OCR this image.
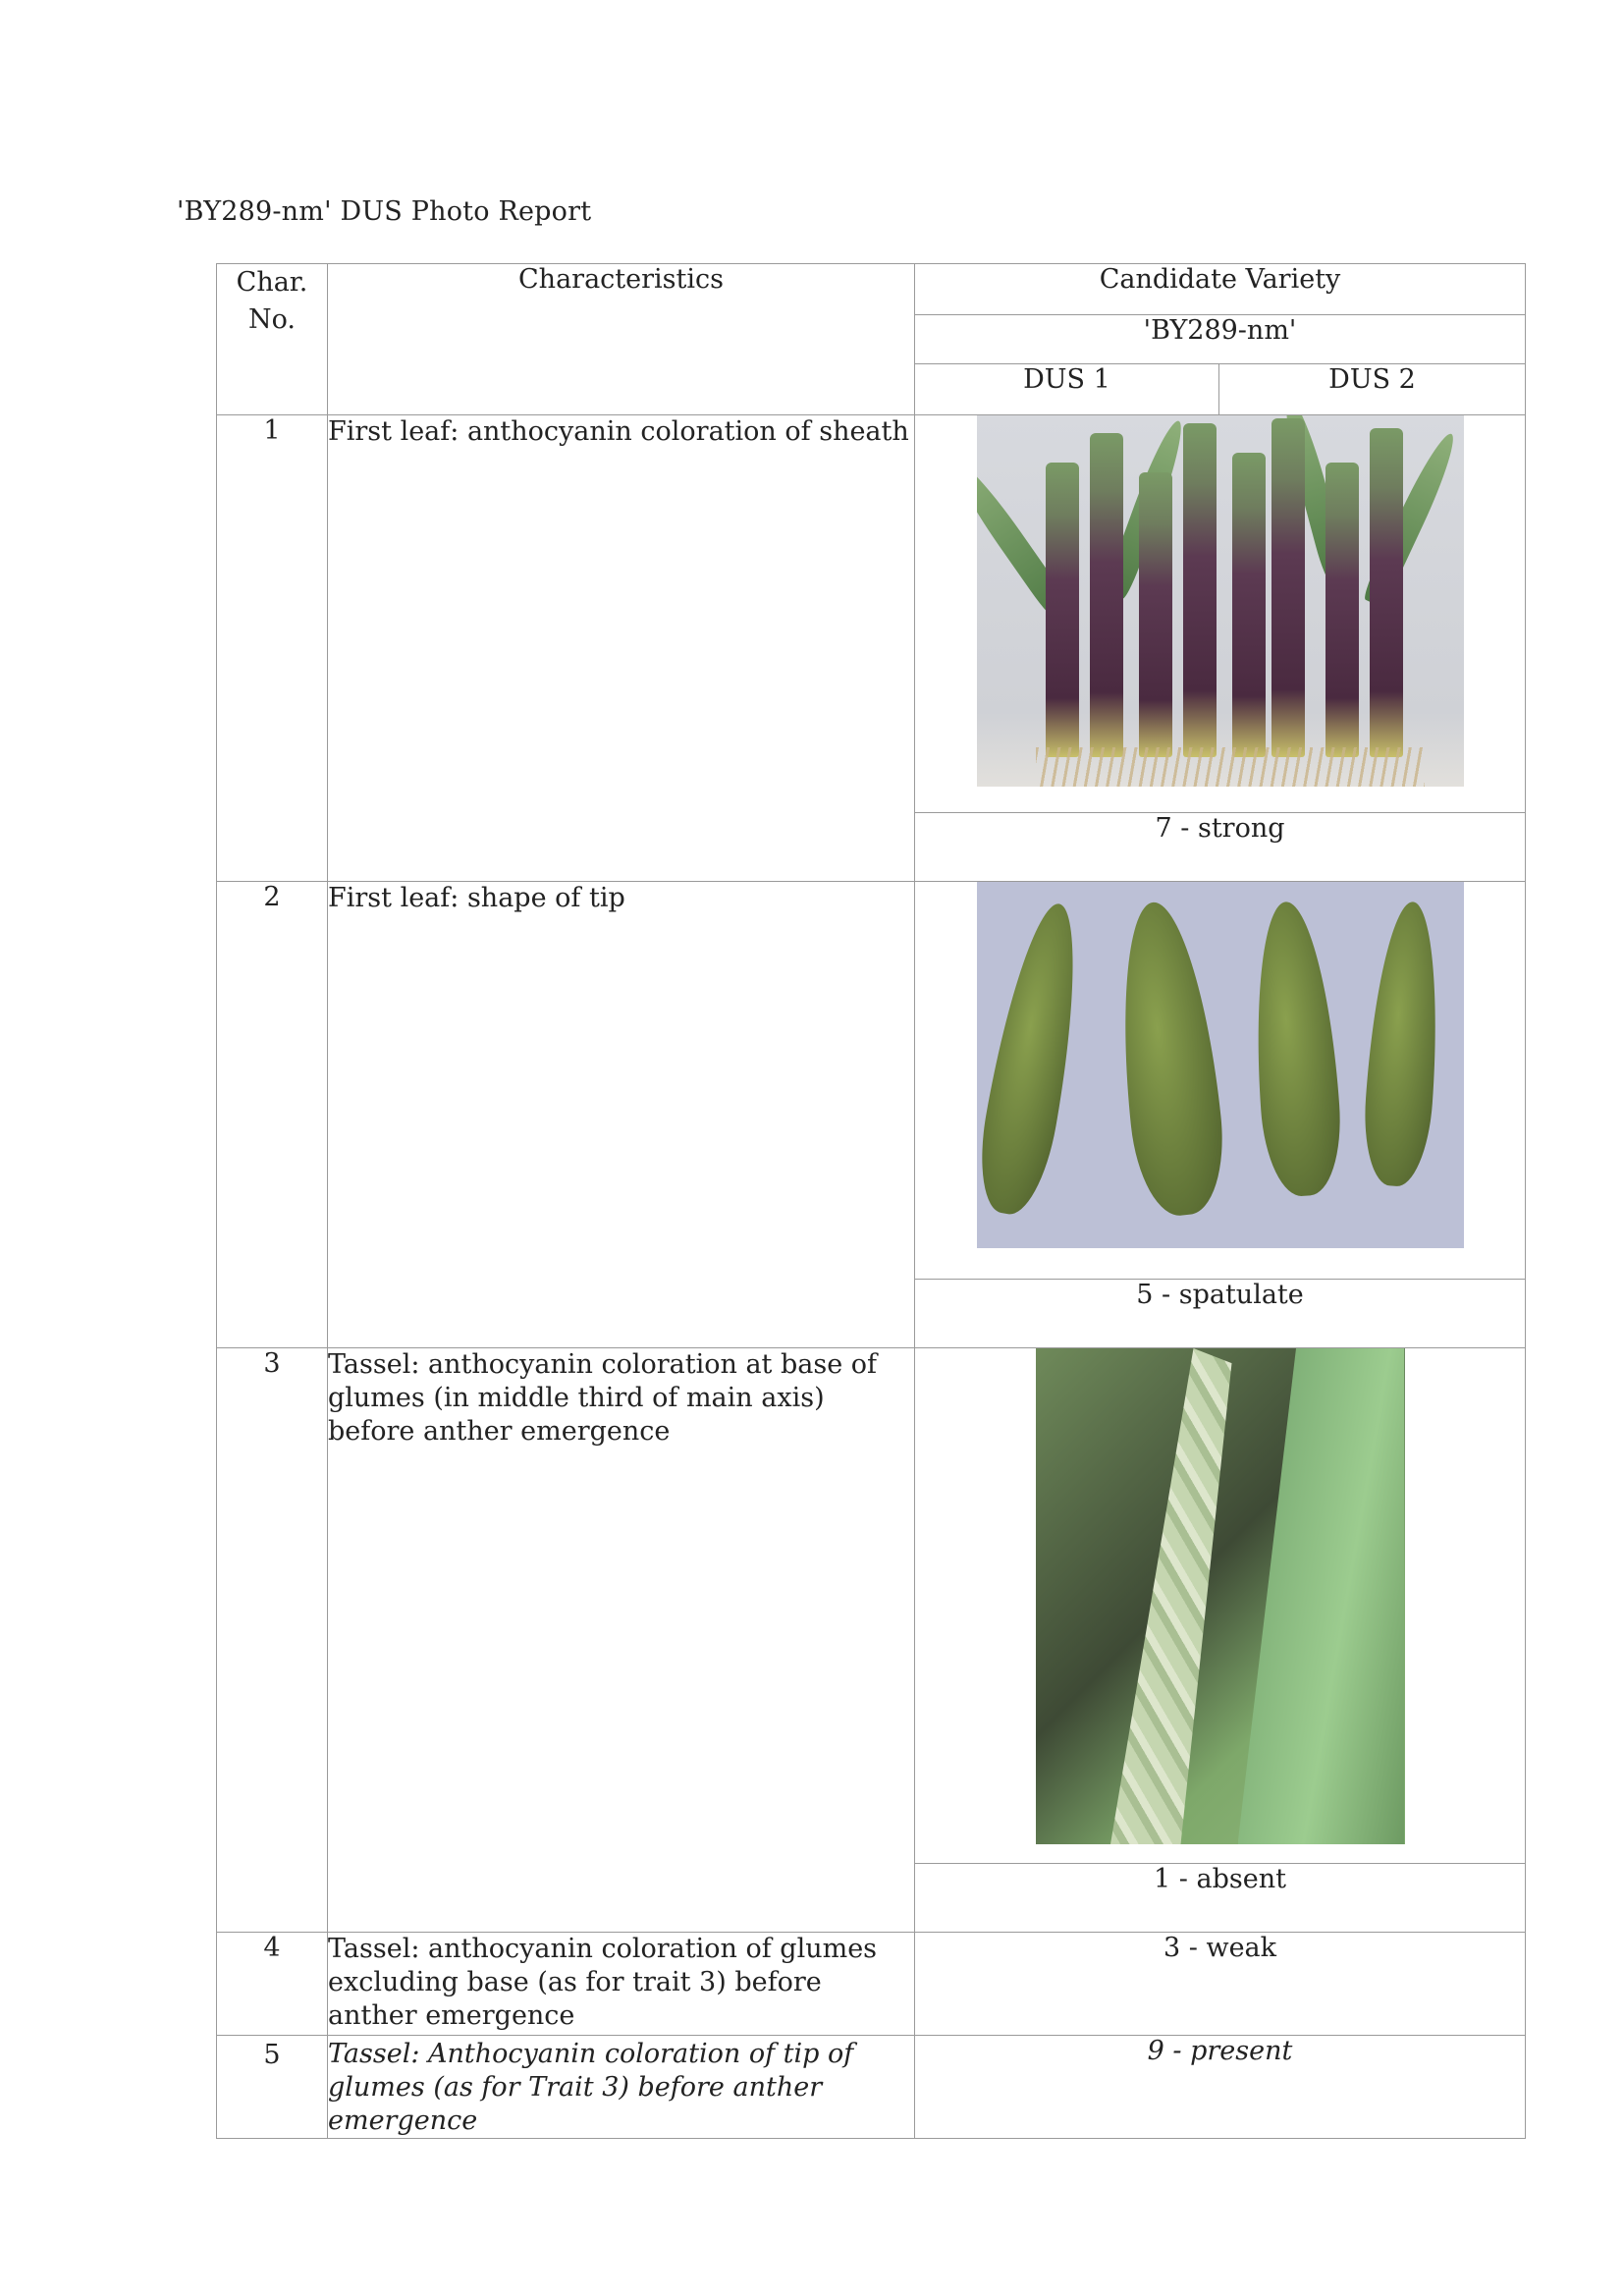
'BY289-nm' DUS Photo Report
Char. No.	Characteristics	Candidate Variety	
		'BY289-nm'	
		DUS 1	DUS 2
1	First leaf: anthocyanin coloration of sheath		

		7 - strong	
2	First leaf: shape of tip		

		5 - spatulate	
3	Tassel: anthocyanin coloration at base of glumes (in middle third of main axis) before anther emergence		

		1 - absent	
4	Tassel: anthocyanin coloration of glumes excluding base (as for trait 3) before anther emergence	3 - weak	
5	Tassel: Anthocyanin coloration of tip of glumes (as for Trait 3) before anther emergence	9 - present	
